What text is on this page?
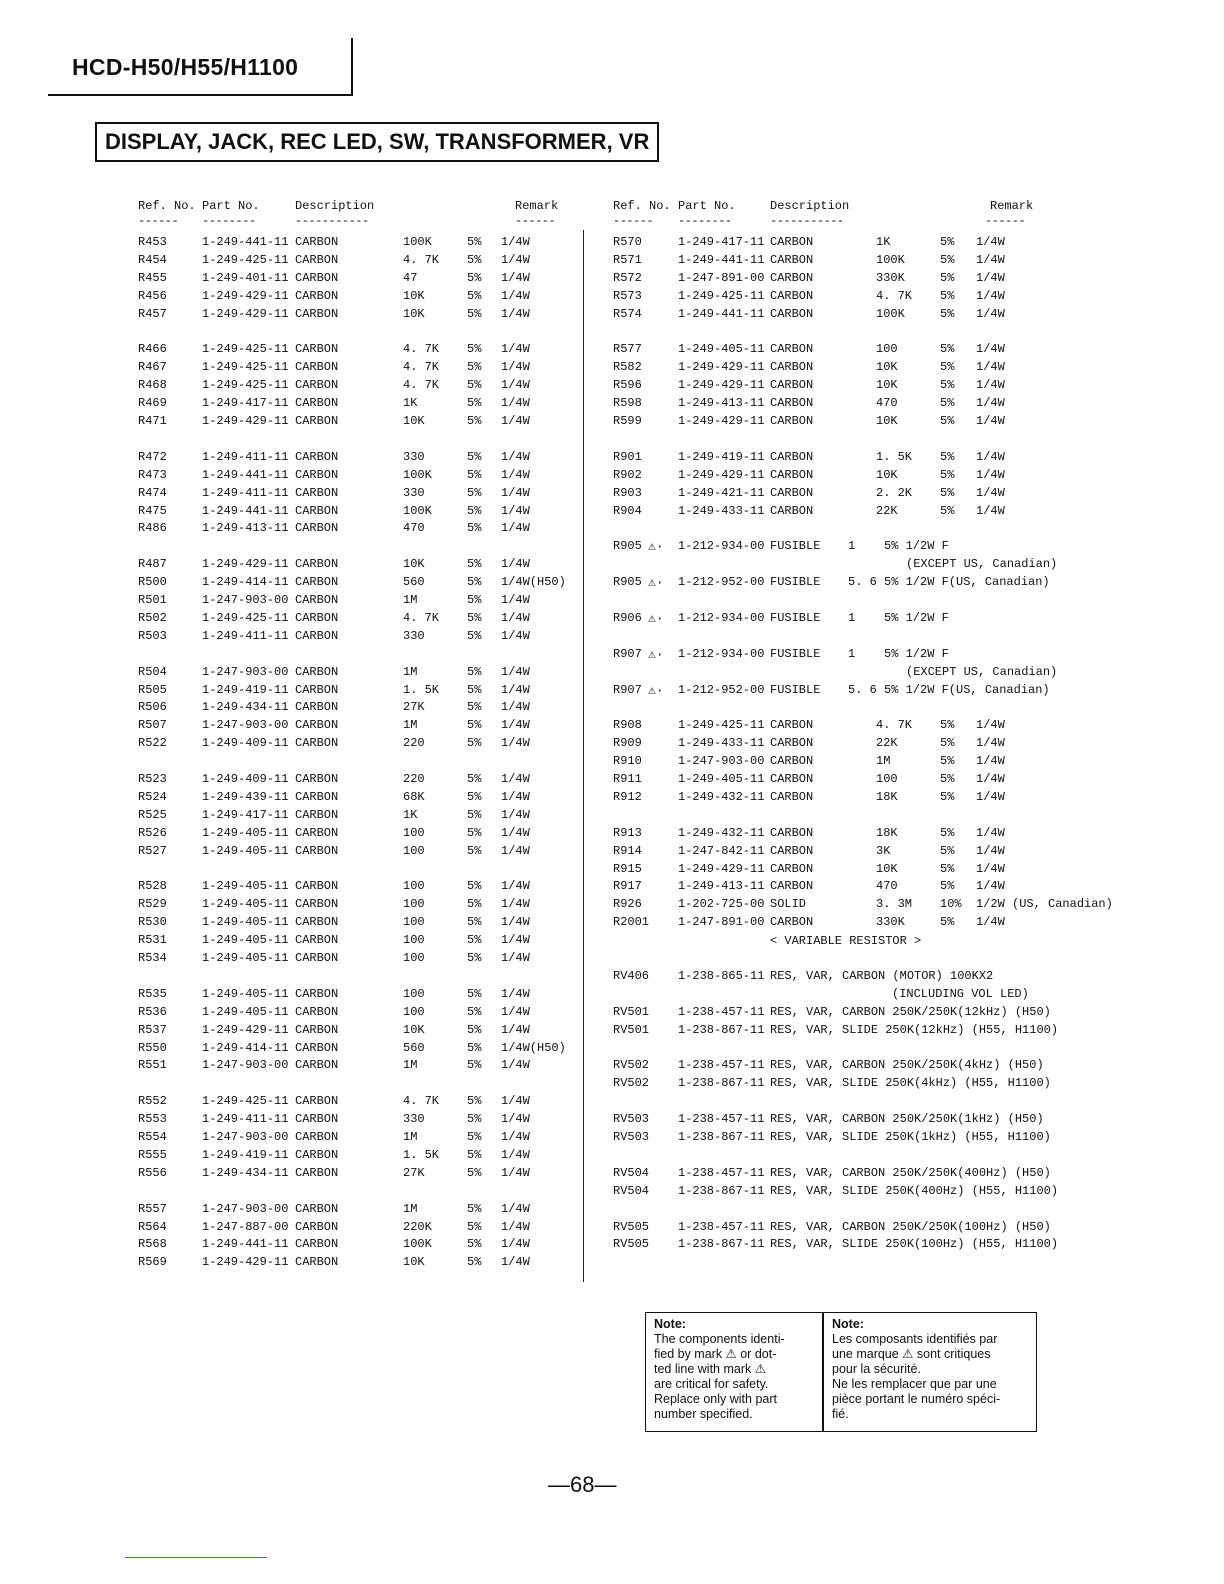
HCD-H50/H55/H1100
DISPLAY, JACK, REC LED, SW, TRANSFORMER, VR
Ref. No. Part No.	Description	Remark
------ --------	-----------	------
Ref. No. Part No.	Description	Remark
------ --------	-----------	------
R453	1-249-441-11 CARBON	100K	5% 1/4W
R454	1-249-425-11 CARBON	4. 7K 5% 1/4W
R455	1-249-401-11 CARBON	47	5% 1/4W
R456	1-249-429-11 CARBON	10K	5% 1/4W
R457	1-249-429-11 CARBON	10K	5% 1/4W
R466	1-249-425-11 CARBON	4. 7K 5% 1/4W
R467	1-249-425-11 CARBON	4. 7K 5% 1/4W
R468	1-249-425-11 CARBON	4. 7K 5% 1/4W
R469	1-249-417-11 CARBON	1K	5% 1/4W
R471	1-249-429-11 CARBON	10K	5% 1/4W
R472	1-249-411-11 CARBON	330	5% 1/4W
R473	1-249-441-11 CARBON	100K	5% 1/4W
R474	1-249-411-11 CARBON	330	5% 1/4W
R475	1-249-441-11 CARBON	100K	5% 1/4W
R486	1-249-413-11 CARBON	470	5% 1/4W
R487	1-249-429-11 CARBON	10K	5% 1/4W
R500	1-249-414-11 CARBON	560	5% 1/4W(H50)
R501	1-247-903-00 CARBON	1M	5% 1/4W
R502	1-249-425-11 CARBON	4. 7K 5% 1/4W
R503	1-249-411-11 CARBON	330	5% 1/4W
R504	1-247-903-00 CARBON	1M	5% 1/4W
R505	1-249-419-11 CARBON	1. 5K 5% 1/4W
R506	1-249-434-11 CARBON	27K	5% 1/4W
R507	1-247-903-00 CARBON	1M	5% 1/4W
R522	1-249-409-11 CARBON	220	5% 1/4W
R523	1-249-409-11 CARBON	220	5% 1/4W
R524	1-249-439-11 CARBON	68K	5% 1/4W
R525	1-249-417-11 CARBON	1K	5% 1/4W
R526	1-249-405-11 CARBON	100	5% 1/4W
R527	1-249-405-11 CARBON	100	5% 1/4W
R528	1-249-405-11 CARBON	100	5% 1/4W
R529	1-249-405-11 CARBON	100	5% 1/4W
R530	1-249-405-11 CARBON	100	5% 1/4W
R531	1-249-405-11 CARBON	100	5% 1/4W
R534	1-249-405-11 CARBON	100	5% 1/4W
R535	1-249-405-11 CARBON	100	5% 1/4W
R536	1-249-405-11 CARBON	100	5% 1/4W
R537	1-249-429-11 CARBON	10K	5% 1/4W
R550	1-249-414-11 CARBON	560	5% 1/4W(H50)
R551	1-247-903-00 CARBON	1M	5% 1/4W
R552	1-249-425-11 CARBON	4. 7K 5% 1/4W
R553	1-249-411-11 CARBON	330	5% 1/4W
R554	1-247-903-00 CARBON	1M	5% 1/4W
R555	1-249-419-11 CARBON	1. 5K 5% 1/4W
R556	1-249-434-11 CARBON	27K	5% 1/4W
R557	1-247-903-00 CARBON	1M	5% 1/4W
R564	1-247-887-00 CARBON	220K	5% 1/4W
R568	1-249-441-11 CARBON	100K	5% 1/4W
R569	1-249-429-11 CARBON	10K	5% 1/4W
R570	1-249-417-11 CARBON	1K	5% 1/4W
R571	1-249-441-11 CARBON	100K	5% 1/4W
R572	1-247-891-00 CARBON	330K	5% 1/4W
R573	1-249-425-11 CARBON	4. 7K 5% 1/4W
R574	1-249-441-11 CARBON	100K	5% 1/4W
R577	1-249-405-11 CARBON	100	5% 1/4W
R582	1-249-429-11 CARBON	10K	5% 1/4W
R596	1-249-429-11 CARBON	10K	5% 1/4W
R598	1-249-413-11 CARBON	470	5% 1/4W
R599	1-249-429-11 CARBON	10K	5% 1/4W
R901	1-249-419-11 CARBON	1. 5K 5% 1/4W
R902	1-249-429-11 CARBON	10K	5% 1/4W
R903	1-249-421-11 CARBON	2. 2K 5% 1/4W
R904	1-249-433-11 CARBON	22K	5% 1/4W
R905 ⚠· 1-212-934-00 FUSIBLE 1 5% 1/2W F
(EXCEPT US, Canadian)
R905 ⚠· 1-212-952-00 FUSIBLE 5. 6 5% 1/2W F(US, Canadian)
R906 ⚠· 1-212-934-00 FUSIBLE 1 5% 1/2W F
R907 ⚠· 1-212-934-00 FUSIBLE 1 5% 1/2W F
(EXCEPT US, Canadian)
R907 ⚠· 1-212-952-00 FUSIBLE 5. 6 5% 1/2W F(US, Canadian)
R908	1-249-425-11 CARBON	4. 7K 5% 1/4W
R909	1-249-433-11 CARBON	22K	5% 1/4W
R910	1-247-903-00 CARBON	1M	5% 1/4W
R911	1-249-405-11 CARBON	100	5% 1/4W
R912	1-249-432-11 CARBON	18K	5% 1/4W
R913	1-249-432-11 CARBON	18K	5% 1/4W
R914	1-247-842-11 CARBON	3K	5% 1/4W
R915	1-249-429-11 CARBON	10K	5% 1/4W
R917	1-249-413-11 CARBON	470	5% 1/4W
R926	1-202-725-00 SOLID	3. 3M 10% 1/2W (US, Canadian)
R2001 1-247-891-00 CARBON	330K	5% 1/4W
< VARIABLE RESISTOR >
RV406 1-238-865-11 RES, VAR, CARBON (MOTOR) 100KX2
(INCLUDING VOL LED)
RV501 1-238-457-11 RES, VAR, CARBON 250K/250K(12kHz) (H50)
RV501 1-238-867-11 RES, VAR, SLIDE 250K(12kHz) (H55, H1100)
RV502 1-238-457-11 RES, VAR, CARBON 250K/250K(4kHz) (H50)
RV502 1-238-867-11 RES, VAR, SLIDE 250K(4kHz) (H55, H1100)
RV503 1-238-457-11 RES, VAR, CARBON 250K/250K(1kHz) (H50)
RV503 1-238-867-11 RES, VAR, SLIDE 250K(1kHz) (H55, H1100)
RV504 1-238-457-11 RES, VAR, CARBON 250K/250K(400Hz) (H50)
RV504 1-238-867-11 RES, VAR, SLIDE 250K(400Hz) (H55, H1100)
RV505 1-238-457-11 RES, VAR, CARBON 250K/250K(100Hz) (H50)
RV505 1-238-867-11 RES, VAR, SLIDE 250K(100Hz) (H55, H1100)
Note:
The components identi-
fied by mark ⚠ or dot-
ted line with mark ⚠
are critical for safety.
Replace only with part
number specified.
Note:
Les composants identifiés par
une marque ⚠ sont critiques
pour la sécurité.
Ne les remplacer que par une
pièce portant le numéro spéci-
fié.
—68—
